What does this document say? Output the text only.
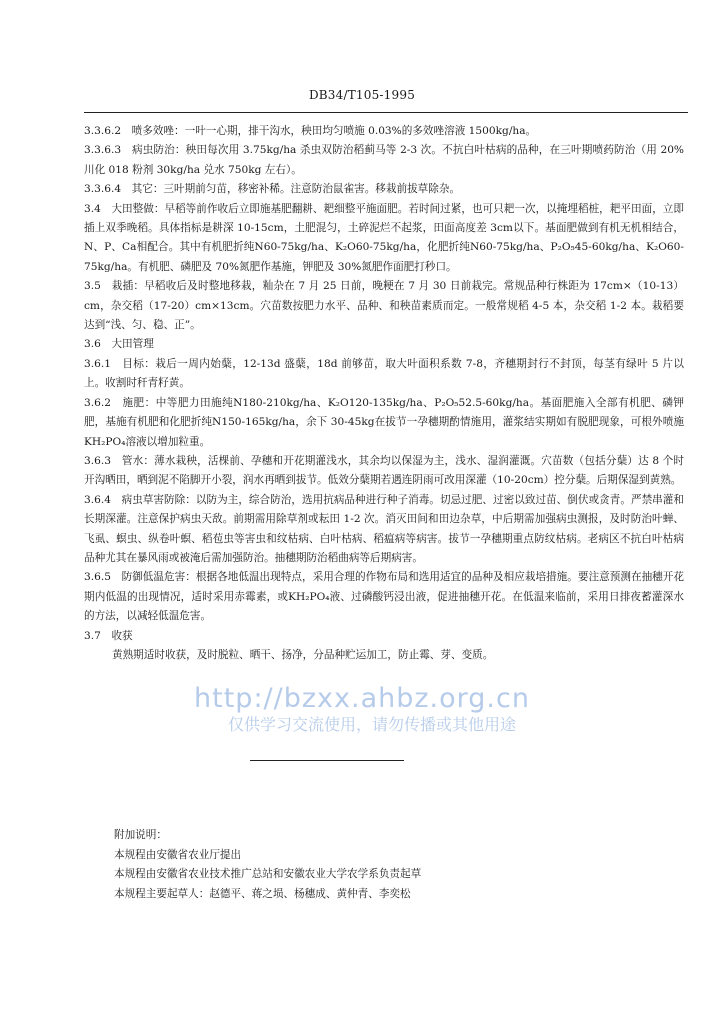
DB34/T105-1995

3.3.6.2　喷多效唑：一叶一心期，排干沟水，秧田均匀喷施 0.03%的多效唑溶液 1500kg/ha。

3.3.6.3　病虫防治：秧田每次用 3.75kg/ha 杀虫双防治稻蓟马等 2-3 次。不抗白叶枯病的品种，在三叶期喷药防治（用 20%川化 018 粉剂 30kg/ha 兑水 750kg 左右）。

3.3.6.4　其它：三叶期前匀苗，移密补稀。注意防治鼠雀害。移栽前拔草除杂。

3.4　大田整做：早稻等前作收后立即施基肥翻耕、耙细整平施面肥。若时间过紧，也可只耙一次，以掩埋稻桩，耙平田面，立即插上双季晚稻。具体指标是耕深 10-15cm，土肥混匀，土碎泥烂不起浆，田面高度差 3cm以下。基面肥做到有机无机相结合，N、P、Ca相配合。其中有机肥折纯N60-75kg/ha、K₂O60-75kg/ha，化肥折纯N60-75kg/ha、P₂O₅45-60kg/ha、K₂O60-75kg/ha。有机肥、磷肥及 70%氮肥作基施，钾肥及 30%氮肥作面肥打秒口。

3.5　栽插：早稻收后及时整地移栽，籼杂在 7 月 25 日前，晚粳在 7 月 30 日前栽完。常规品种行株距为 17cm×（10-13）cm，杂交稻（17-20）cm×13cm。穴苗数按肥力水平、品种、和秧苗素质而定。一般常规稻 4-5 本，杂交稻 1-2 本。栽稻要达到“浅、匀、稳、正”。

3.6　大田管理

3.6.1　目标：栽后一周内始蘖，12-13d 盛蘖，18d 前够苗，取大叶面积系数 7-8，齐穗期封行不封顶，每茎有绿叶 5 片以上。收割时秆青籽黄。

3.6.2　施肥：中等肥力田施纯N180-210kg/ha、K₂O120-135kg/ha、P₂O₅52.5-60kg/ha。基面肥施入全部有机肥、磷钾肥，基施有机肥和化肥折纯N150-165kg/ha，余下 30-45kg在拔节一孕穗期酌情施用，灌浆结实期如有脱肥现象，可根外喷施KH₂PO₄溶液以增加粒重。

3.6.3　管水：薄水栽秧，活棵前、孕穗和开花期灌浅水，其余均以保湿为主，浅水、湿润灌溉。穴苗数（包括分蘖）达 8 个时开沟晒田，晒到泥不陷脚开小裂，润水再晒到拔节。低效分蘖期若遇连阴雨可改用深灌（10-20cm）控分蘖。后期保湿到黄熟。

3.6.4　病虫草害防除：以防为主，综合防治，选用抗病品种进行种子消毒。切忌过肥、过密以致过苗、倒伏或贪青。严禁串灌和长期深灌。注意保护病虫天敌。前期需用除草剂或耘田 1-2 次。消灭田间和田边杂草，中后期需加强病虫测报，及时防治叶蝉、飞虱、螟虫、纵卷叶螟、稻苞虫等害虫和纹枯病、白叶枯病、稻瘟病等病害。拔节一孕穗期重点防纹枯病。老病区不抗白叶枯病品种尤其在暴风雨或被淹后需加强防治。抽穗期防治稻曲病等后期病害。

3.6.5　防御低温危害：根据各地低温出现特点，采用合理的作物布局和选用适宜的品种及相应栽培措施。要注意预测在抽穗开花期内低温的出现情况，适时采用赤霉素，或KH₂PO₄液、过磷酸钙浸出液，促进抽穗开花。在低温来临前，采用日排夜蓄灌深水的方法，以减轻低温危害。

3.7　收获

黄熟期适时收获，及时脱粒、晒干、扬净，分品种贮运加工，防止霉、芽、变质。

附加说明：

本规程由安徽省农业厅提出

本规程由安徽省农业技术推广总站和安徽农业大学农学系负责起草

本规程主要起草人：赵德平、蒋之埙、杨穗成、黄仲青、李奕松

http://bzxx.ahbz.org.cn
仅供学习交流使用，请勿传播或其他用途
